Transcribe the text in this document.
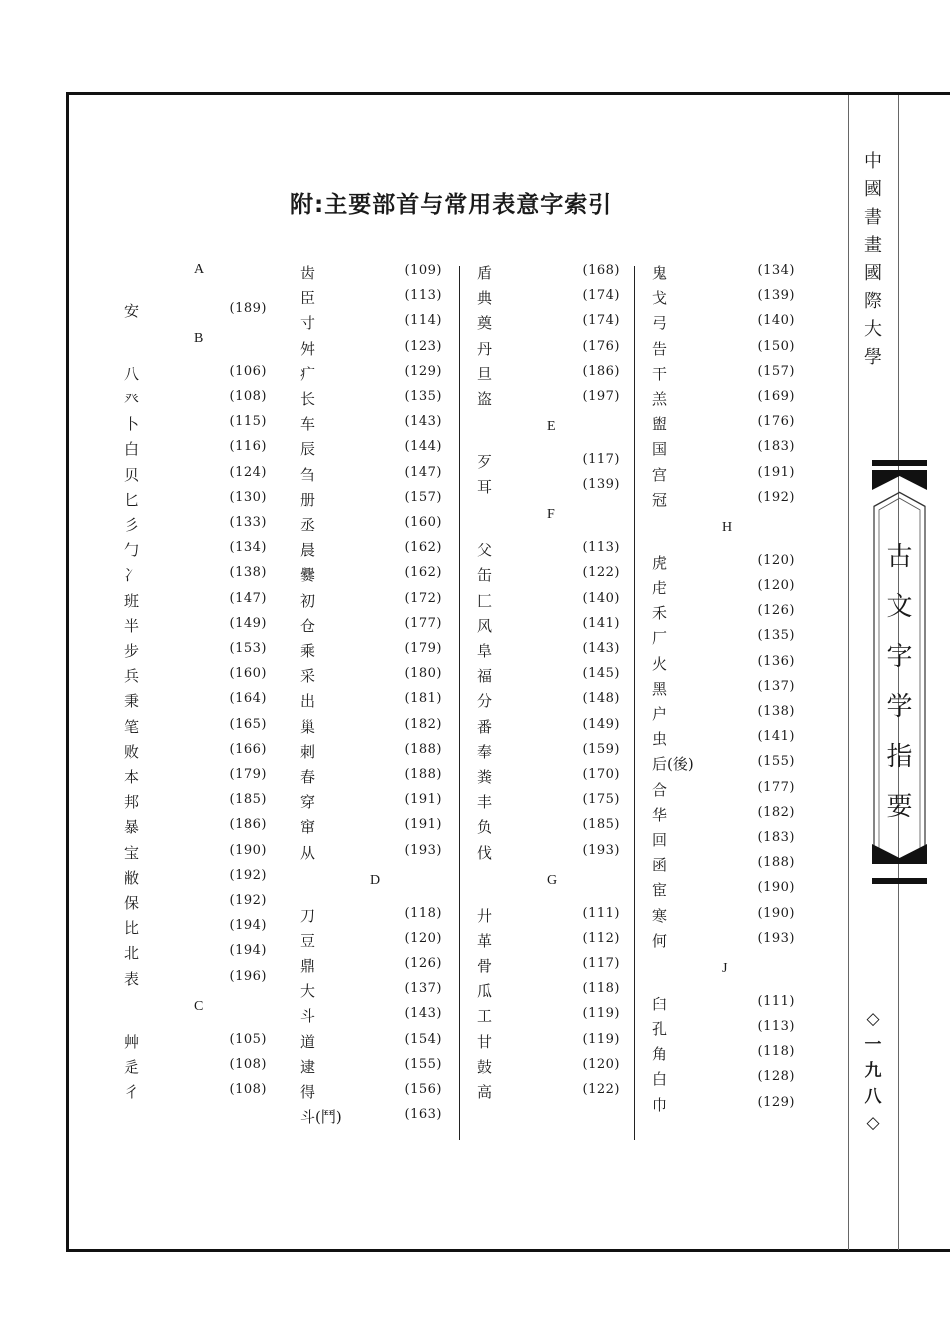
附:主要部首与常用表意字索引
A
安	(189)
B
八	(106)
癶	(108)
卜	(115)
白	(116)
贝	(124)
匕	(130)
彡	(133)
勹	(134)
冫	(138)
班	(147)
半	(149)
步	(153)
兵	(160)
秉	(164)
笔	(165)
败	(166)
本	(179)
邦	(185)
暴	(186)
宝	(190)
敝	(192)
保	(192)
比	(194)
北	(194)
表	(196)
C
艸	(105)
辵	(108)
彳	(108)
齿	(109)
臣	(113)
寸	(114)
舛	(123)
疒	(129)
长	(135)
车	(143)
辰	(144)
刍	(147)
册	(157)
丞	(160)
晨	(162)
爨	(162)
初	(172)
仓	(177)
乘	(179)
采	(180)
出	(181)
巢	(182)
刺	(188)
春	(188)
穿	(191)
窜	(191)
从	(193)
D
刀	(118)
豆	(120)
鼎	(126)
大	(137)
斗	(143)
道	(154)
逮	(155)
得	(156)
斗(鬥)	(163)
盾	(168)
典	(174)
奠	(174)
丹	(176)
旦	(186)
盗	(197)
E
歹	(117)
耳	(139)
F
父	(113)
缶	(122)
匚	(140)
风	(141)
阜	(143)
福	(145)
分	(148)
番	(149)
奉	(159)
粪	(170)
丰	(175)
负	(185)
伐	(193)
G
廾	(111)
革	(112)
骨	(117)
瓜	(118)
工	(119)
甘	(119)
鼓	(120)
高	(122)
鬼	(134)
戈	(139)
弓	(140)
告	(150)
干	(157)
羔	(169)
盥	(176)
国	(183)
宫	(191)
冠	(192)
H
虎	(120)
虍	(120)
禾	(126)
厂	(135)
火	(136)
黑	(137)
户	(138)
虫	(141)
后(後)	(155)
合	(177)
华	(182)
回	(183)
函	(188)
宦	(190)
寒	(190)
何	(193)
J
臼	(111)
孔	(113)
角	(118)
白	(128)
巾	(129)
中
國
書
畫
國
際
大
學
古
文
字
学
指
要
◇
一
九
八
◇
